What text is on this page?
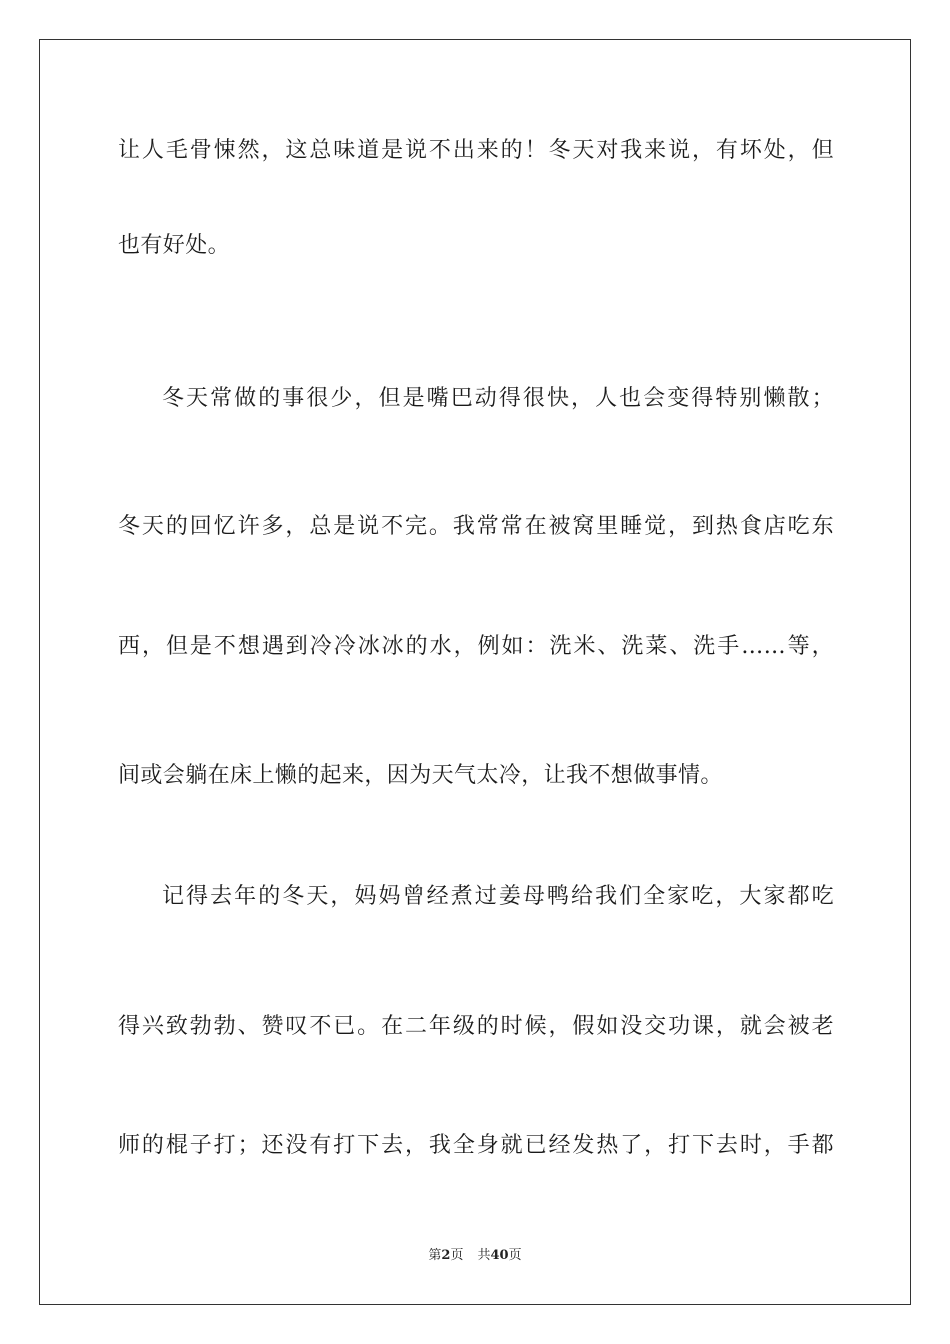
让人毛骨悚然，这总味道是说不出来的！冬天对我来说，有坏处，但
也有好处。
冬天常做的事很少，但是嘴巴动得很快，人也会变得特别懒散；
冬天的回忆许多，总是说不完。我常常在被窝里睡觉，到热食店吃东
西，但是不想遇到冷冷冰冰的水，例如：洗米、洗菜、洗手……等，
间或会躺在床上懒的起来，因为天气太冷，让我不想做事情。
记得去年的冬天，妈妈曾经煮过姜母鸭给我们全家吃，大家都吃
得兴致勃勃、赞叹不已。在二年级的时候，假如没交功课，就会被老
师的棍子打；还没有打下去，我全身就已经发热了，打下去时，手都
第2页 共40页
